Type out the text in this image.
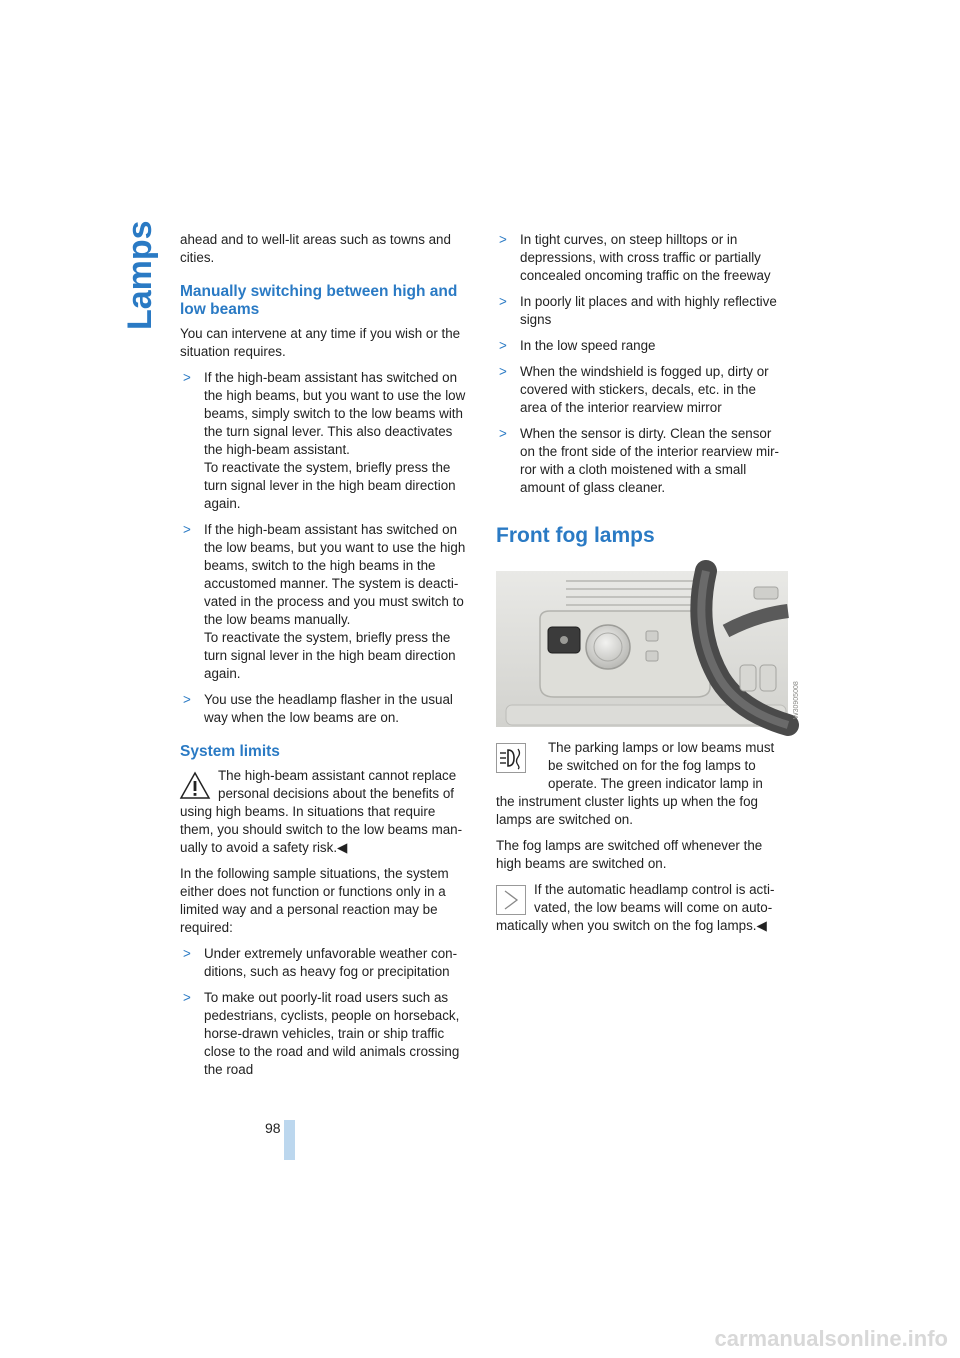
Lamps ahead and to well-lit areas such as towns and
cities.

Manually switching between high and
low beams

You can intervene at any time if you wish or the
situation requires.

> If the high-beam assistant has switched on
the high beams, but you want to use the low
beams, simply switch to the low beams with
the turn signal lever. This also deactivates
the high-beam assistant.
To reactivate the system, briefly press the
turn signal lever in the high beam direction
again.
> If the high-beam assistant has switched on
the low beams, but you want to use the high
beams, switch to the high beams in the
accustomed manner. The system is deacti-
vated in the process and you must switch to
the low beams manually.
To reactivate the system, briefly press the
turn signal lever in the high beam direction
again.
> You use the headlamp flasher in the usual
way when the low beams are on.
System limits

The high-beam assistant cannot replace
personal decisions about the benefits of
using high beams. In situations that require
them, you should switch to the low beams man-
ually to avoid a safety risk.◀

In the following sample situations, the system
either does not function or functions only in a
limited way and a personal reaction may be
required:

> Under extremely unfavorable weather con-
ditions, such as heavy fog or precipitation
> To make out poorly-lit road users such as
pedestrians, cyclists, people on horseback,
horse-drawn vehicles, train or ship traffic
close to the road and wild animals crossing
the road
> In tight curves, on steep hilltops or in
depressions, with cross traffic or partially
concealed oncoming traffic on the freeway
> In poorly lit places and with highly reflective
signs
> In the low speed range
> When the windshield is fogged up, dirty or
covered with stickers, decals, etc. in the
area of the interior rearview mirror
> When the sensor is dirty. Clean the sensor
on the front side of the interior rearview mir-
ror with a cloth moistened with a small
amount of glass cleaner.
Front fog lamps
W30905008

The parking lamps or low beams must
be switched on for the fog lamps to
operate. The green indicator lamp in
the instrument cluster lights up when the fog
lamps are switched on.

The fog lamps are switched off whenever the
high beams are switched on.

If the automatic headlamp control is acti-
vated, the low beams will come on auto-
matically when you switch on the fog lamps.◀

98
carmanualsonline.info
